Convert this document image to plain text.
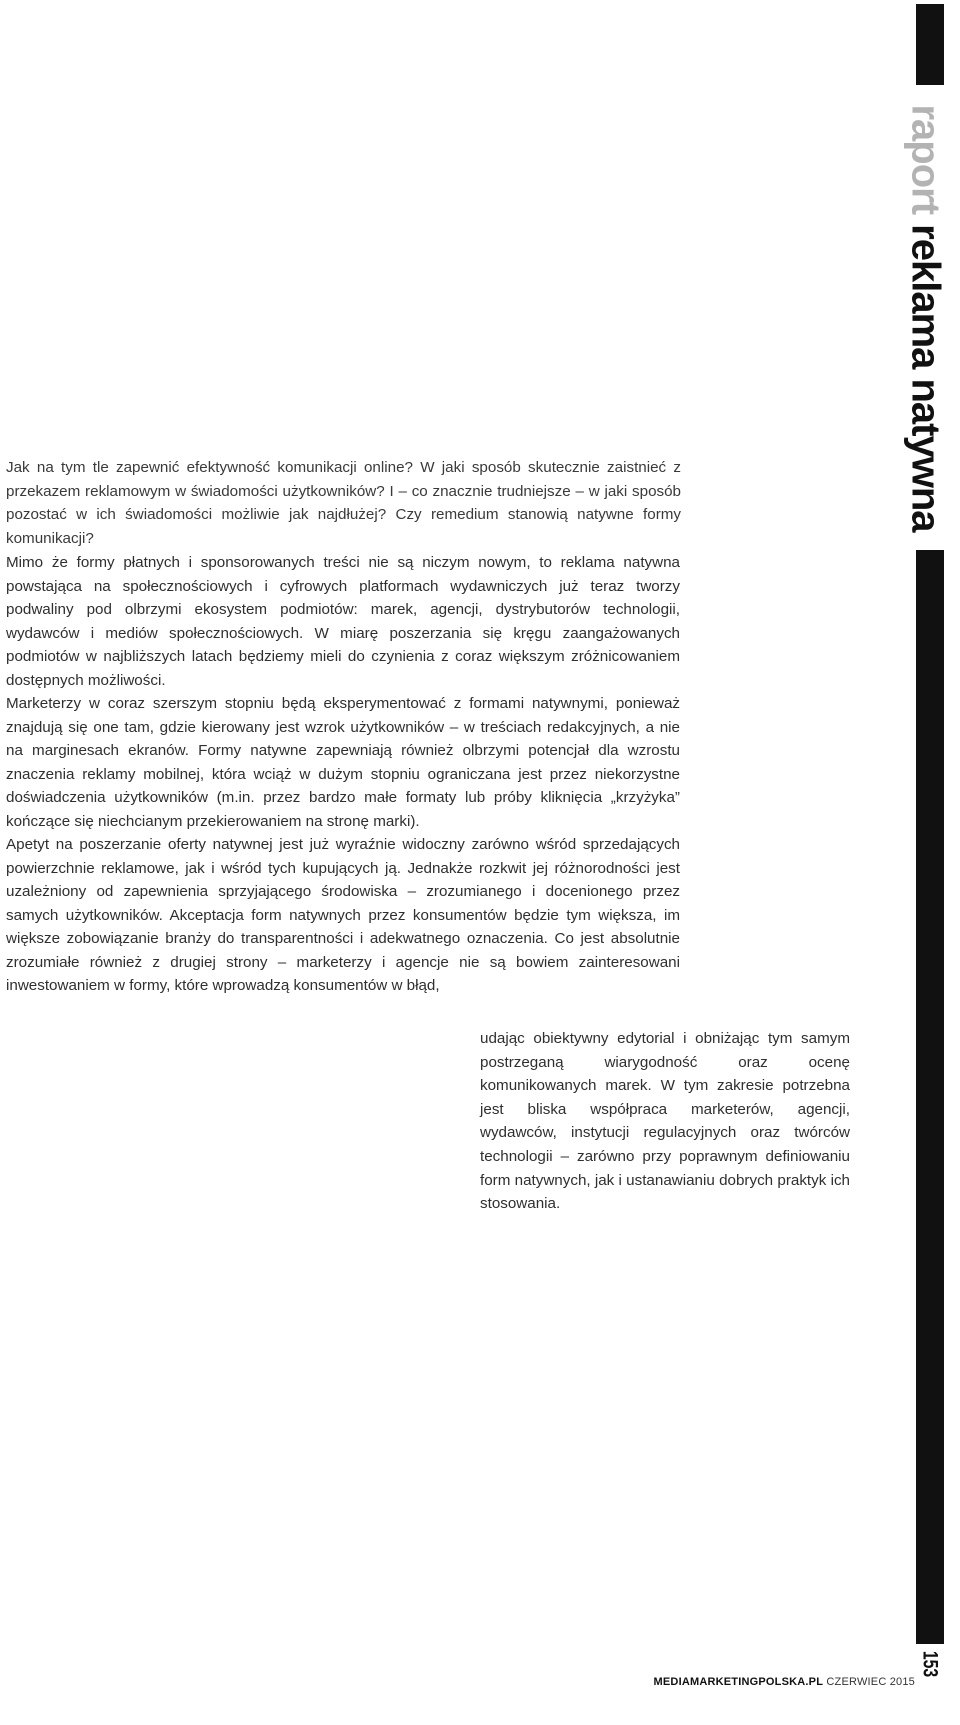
raport reklama natywna
153

Jak na tym tle zapewnić efektywność komunikacji online? W jaki sposób skutecznie zaistnieć z przekazem reklamowym w świadomości użytkowników? I – co znacznie trudniejsze – w jaki sposób pozostać w ich świadomości możliwie jak najdłużej? Czy remedium stanowią natywne formy komunikacji?

Mimo że formy płatnych i sponsorowanych treści nie są niczym nowym, to reklama natywna powstająca na społecznościowych i cyfrowych platformach wydawniczych już teraz tworzy podwaliny pod olbrzymi ekosystem podmiotów: marek, agencji, dystrybutorów technologii, wydawców i mediów społecznościowych. W miarę poszerzania się kręgu zaangażowanych podmiotów w najbliższych latach będziemy mieli do czynienia z coraz większym zróżnicowaniem dostępnych możliwości.

Marketerzy w coraz szerszym stopniu będą eksperymentować z formami natywnymi, ponieważ znajdują się one tam, gdzie kierowany jest wzrok użytkowników – w treściach redakcyjnych, a nie na marginesach ekranów. Formy natywne zapewniają również olbrzymi potencjał dla wzrostu znaczenia reklamy mobilnej, która wciąż w dużym stopniu ograniczana jest przez niekorzystne doświadczenia użytkowników (m.in. przez bardzo małe formaty lub próby kliknięcia „krzyżyka” kończące się niechcianym przekierowaniem na stronę marki).

Apetyt na poszerzanie oferty natywnej jest już wyraźnie widoczny zarówno wśród sprzedających powierzchnie reklamowe, jak i wśród tych kupujących ją. Jednakże rozkwit jej różnorodności jest uzależniony od zapewnienia sprzyjającego środowiska – zrozumianego i docenionego przez samych użytkowników. Akceptacja form natywnych przez konsumentów będzie tym większa, im większe zobowiązanie branży do transparentności i adekwatnego oznaczenia. Co jest absolutnie zrozumiałe również z drugiej strony – marketerzy i agencje nie są bowiem zainteresowani inwestowaniem w formy, które wprowadzą konsumentów w błąd,

udając obiektywny edytorial i obniżając tym samym postrzeganą wiarygodność oraz ocenę komunikowanych marek. W tym zakresie potrzebna jest bliska współpraca marketerów, agencji, wydawców, instytucji regulacyjnych oraz twórców technologii – zarówno przy poprawnym definiowaniu form natywnych, jak i ustanawianiu dobrych praktyk ich stosowania.

MEDIAMARKETINGPOLSKA.PL CZERWIEC 2015
